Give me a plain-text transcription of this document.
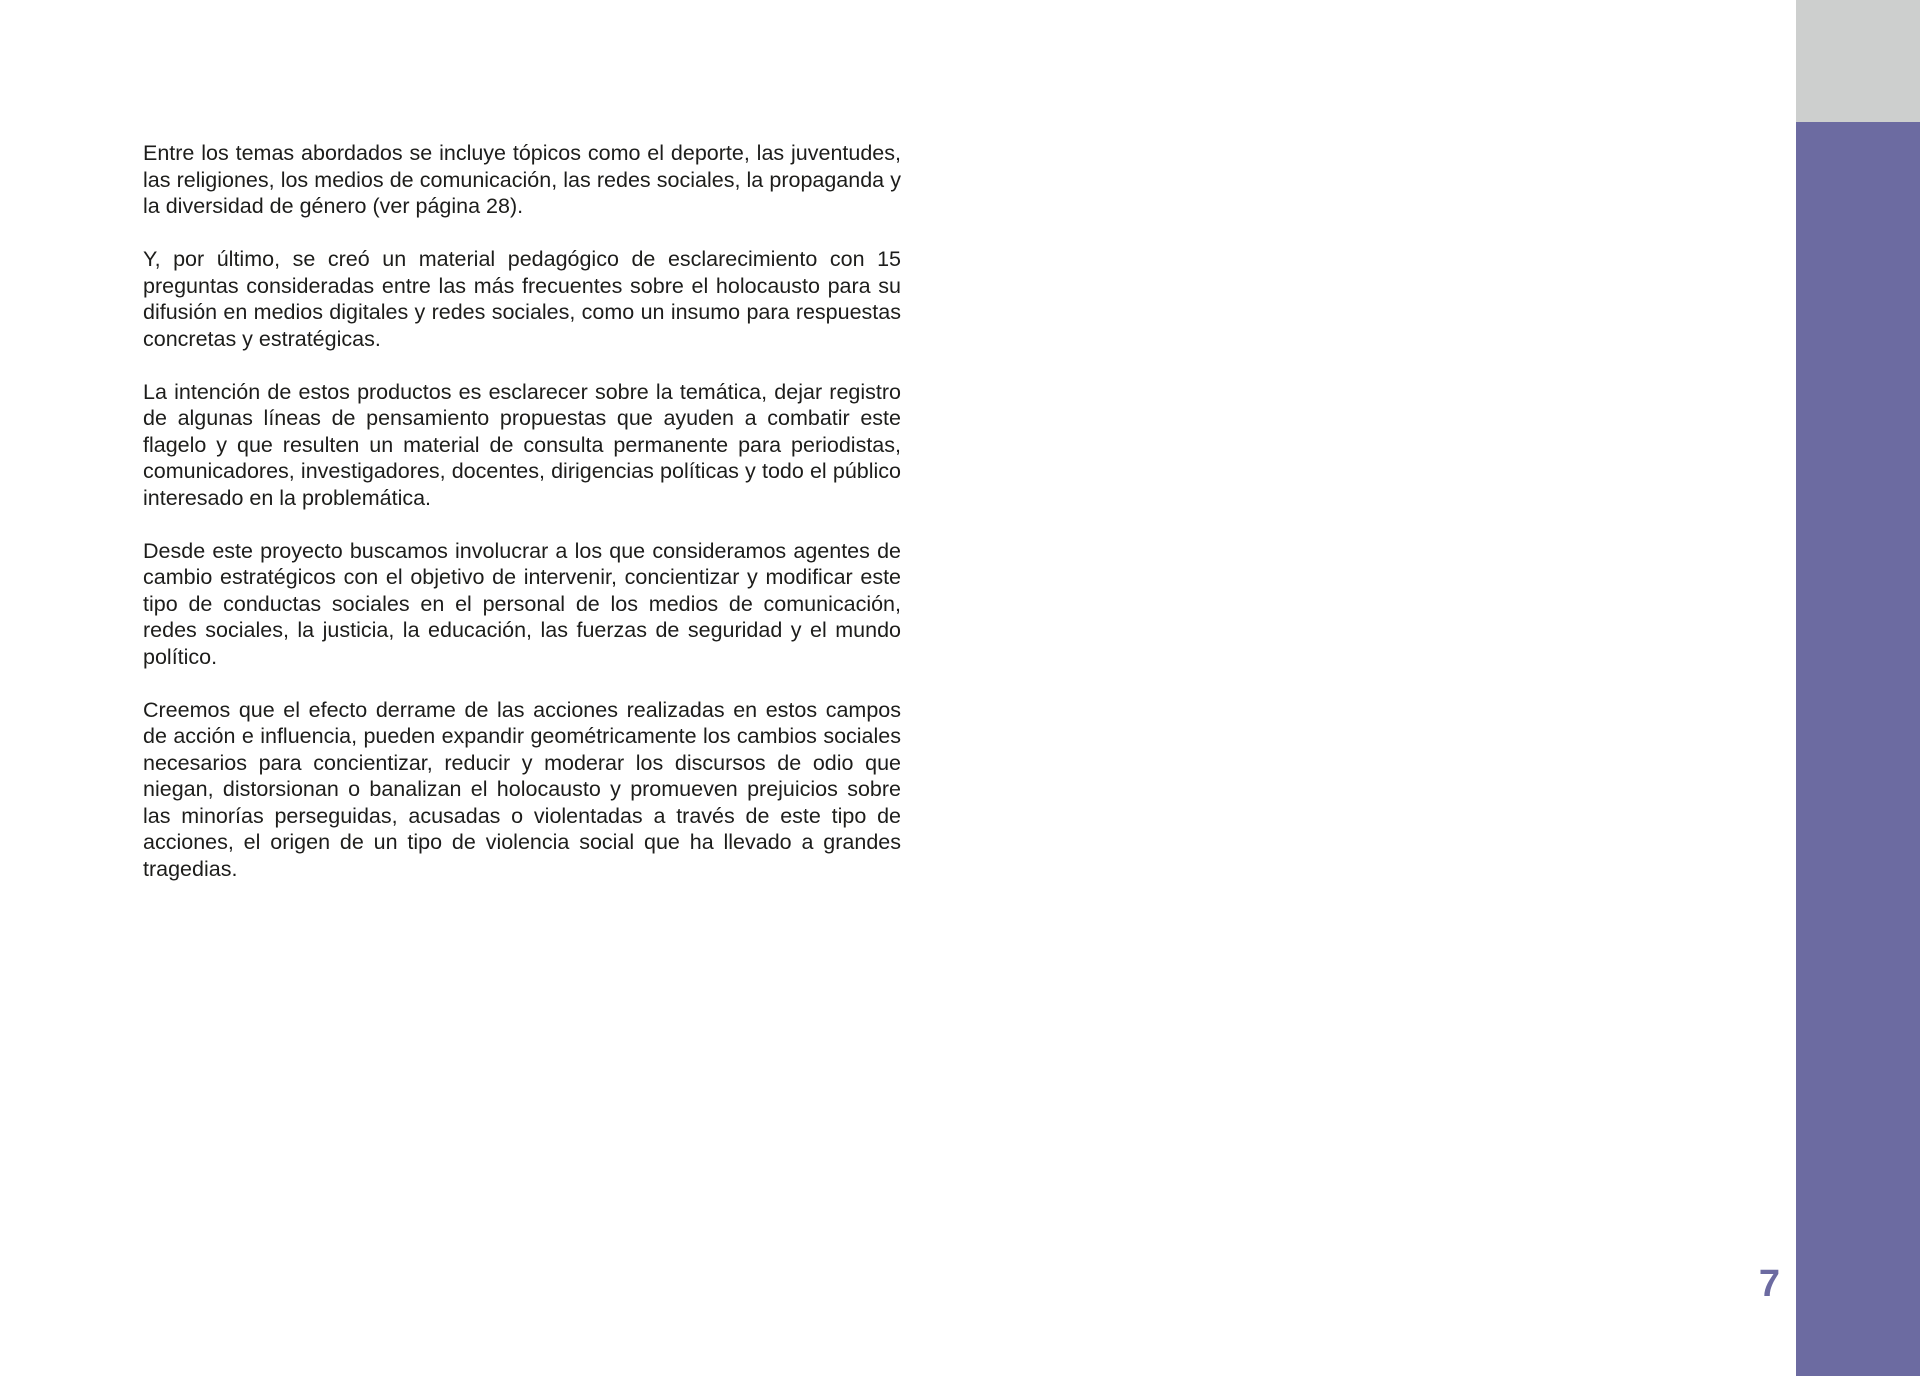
Entre los temas abordados se incluye tópicos como el deporte, las juventudes, las religiones, los medios de comunicación, las redes sociales, la propaganda y la diversidad de género (ver página 28).

Y, por último, se creó un material pedagógico de esclarecimiento con 15 preguntas consideradas entre las más frecuentes sobre el holocausto para su difusión en medios digitales y redes sociales, como un insumo para respuestas concretas y estratégicas.

La intención de estos productos es esclarecer sobre la temática, dejar registro de algunas líneas de pensamiento propuestas que ayuden a combatir este flagelo y que resulten un material de consulta permanente para periodistas, comunicadores, investigadores, docentes, dirigencias políticas y todo el público interesado en la problemática.

Desde este proyecto buscamos involucrar a los que consideramos agentes de cambio estratégicos con el objetivo de intervenir, concientizar y modificar este tipo de conductas sociales en el personal de los medios de comunicación, redes sociales, la justicia, la educación, las fuerzas de seguridad y el mundo político.

Creemos que el efecto derrame de las acciones realizadas en estos campos de acción e influencia, pueden expandir geométricamente los cambios sociales necesarios para concientizar, reducir y moderar los discursos de odio que niegan, distorsionan o banalizan el holocausto y promueven prejuicios sobre las minorías perseguidas, acusadas o violentadas a través de este tipo de acciones, el origen de un tipo de violencia social que ha llevado a grandes tragedias.

7
